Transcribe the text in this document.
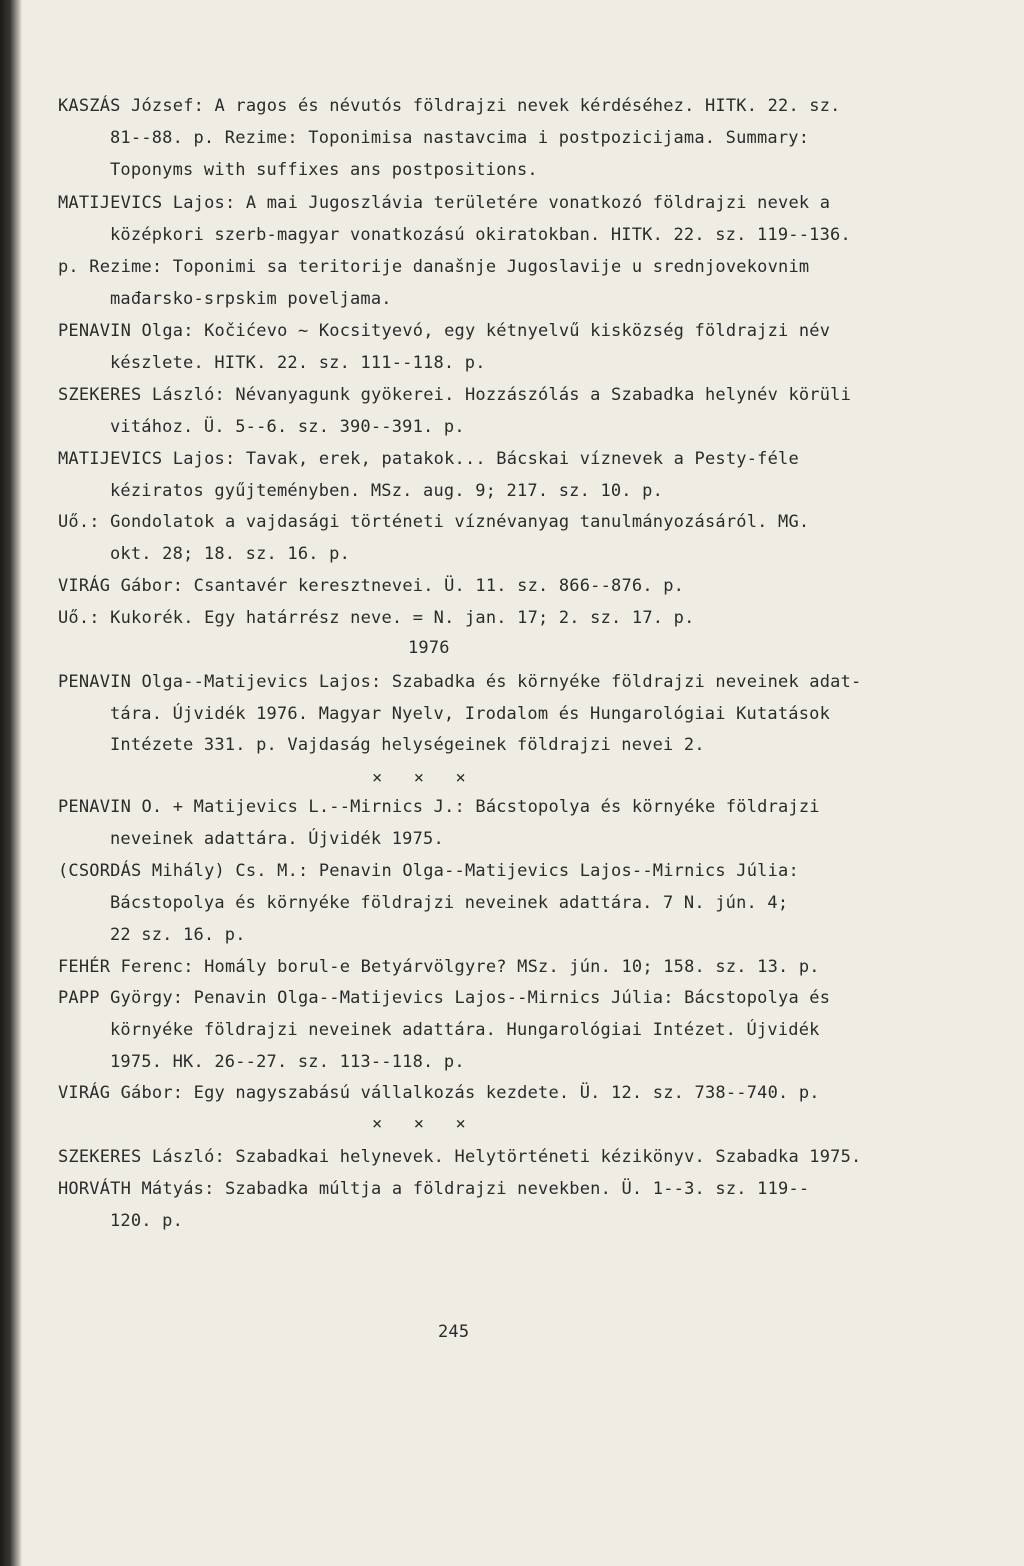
KASZÁS József: A ragos és névutós földrajzi nevek kérdéséhez. HITK. 22. sz.
81--88. p. Rezime: Toponimisa nastavcima i postpozicijama. Summary:
Toponyms with suffixes ans postpositions.
MATIJEVICS Lajos: A mai Jugoszlávia területére vonatkozó földrajzi nevek a
középkori szerb-magyar vonatkozású okiratokban. HITK. 22. sz. 119--136.
p. Rezime: Toponimi sa teritorije današnje Jugoslavije u srednjovekovnim
mađarsko-srpskim poveljama.
PENAVIN Olga: Kočićevo ~ Kocsityevó, egy kétnyelvű kisközség földrajzi név
készlete. HITK. 22. sz. 111--118. p.
SZEKERES László: Névanyagunk gyökerei. Hozzászólás a Szabadka helynév körüli
vitához. Ü. 5--6. sz. 390--391. p.
MATIJEVICS Lajos: Tavak, erek, patakok... Bácskai víznevek a Pesty-féle
kéziratos gyűjteményben. MSz. aug. 9; 217. sz. 10. p.
Uő.: Gondolatok a vajdasági történeti víznévanyag tanulmányozásáról. MG.
okt. 28; 18. sz. 16. p.
VIRÁG Gábor: Csantavér keresztnevei. Ü. 11. sz. 866--876. p.
Uő.: Kukorék. Egy határrész neve. = N. jan. 17; 2. sz. 17. p.
1976
PENAVIN Olga--Matijevics Lajos: Szabadka és környéke földrajzi neveinek adat-
tára. Újvidék 1976. Magyar Nyelv, Irodalom és Hungarológiai Kutatások
Intézete 331. p. Vajdaság helységeinek földrajzi nevei 2.
×   ×   ×
PENAVIN O. + Matijevics L.--Mirnics J.: Bácstopolya és környéke földrajzi
neveinek adattára. Újvidék 1975.
(CSORDÁS Mihály) Cs. M.: Penavin Olga--Matijevics Lajos--Mirnics Júlia:
Bácstopolya és környéke földrajzi neveinek adattára. 7 N. jún. 4;
22 sz. 16. p.
FEHÉR Ferenc: Homály borul-e Betyárvölgyre? MSz. jún. 10; 158. sz. 13. p.
PAPP György: Penavin Olga--Matijevics Lajos--Mirnics Júlia: Bácstopolya és
környéke földrajzi neveinek adattára. Hungarológiai Intézet. Újvidék
1975. HK. 26--27. sz. 113--118. p.
VIRÁG Gábor: Egy nagyszabású vállalkozás kezdete. Ü. 12. sz. 738--740. p.
×   ×   ×
SZEKERES László: Szabadkai helynevek. Helytörténeti kézikönyv. Szabadka 1975.
HORVÁTH Mátyás: Szabadka múltja a földrajzi nevekben. Ü. 1--3. sz. 119--
120. p.
245
